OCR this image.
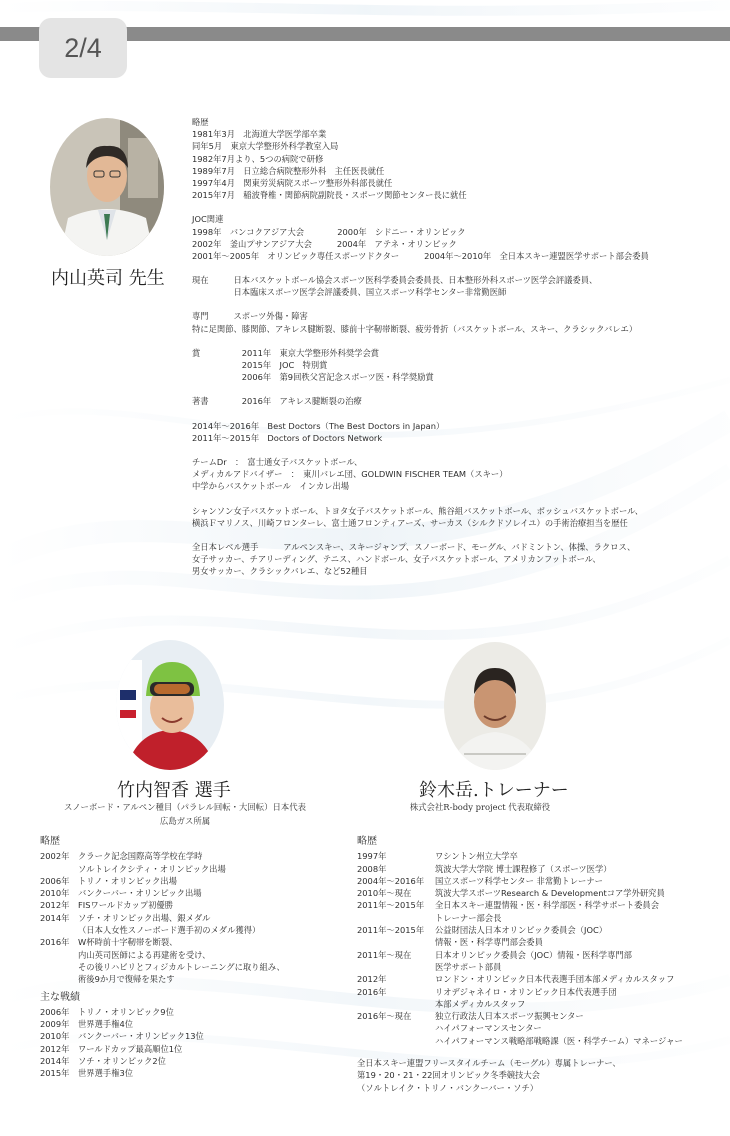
2/4
内山英司 先生
略歴
1981年3月　北海道大学医学部卒業
同年5月　東京大学整形外科学教室入局
1982年7月より、5つの病院で研修
1989年7月　日立総合病院整形外科　主任医長就任
1997年4月　関東労災病院スポーツ整形外科部長就任
2015年7月　稲波脊椎・関節病院副院長・スポーツ関節センター長に就任
JOC関連
1998年　バンコクアジア大会　　　　2000年　シドニー・オリンピック
2002年　釜山プサンアジア大会　　　2004年　アテネ・オリンピック
2001年～2005年　オリンピック専任スポーツドクター　　　2004年～2010年　全日本スキー連盟医学サポート部会委員
現在　　　日本バスケットボール協会スポーツ医科学委員会委員長、日本整形外科スポーツ医学会評議委員、
　　　　　日本臨床スポーツ医学会評議委員、国立スポーツ科学センター非常勤医師
専門　　　スポーツ外傷・障害
特に足関節、膝関節、アキレス腱断裂、膝前十字靭帯断裂、疲労骨折（バスケットボール、スキー、クラシックバレエ）
賞　　　　　2011年　東京大学整形外科奨学会賞
　　　　　　2015年　JOC　特別賞
　　　　　　2006年　第9回秩父宮記念スポーツ医・科学奨励賞
著書　　　　2016年　アキレス腱断裂の治療
2014年～2016年　Best Doctors（The Best Doctors in Japan）
2011年～2015年　Doctors of Doctors Network
チームDr　：　富士通女子バスケットボール、
メディカルアドバイザー　：　東川バレエ団、GOLDWIN FISCHER TEAM（スキー）
中学からバスケットボール　インカレ出場
シャンソン女子バスケットボール、トヨタ女子バスケットボール、熊谷組バスケットボール、ボッシュバスケットボール、
横浜Ｆマリノス、川崎フロンターレ、富士通フロンティアーズ、サーカス（シルクドソレイユ）の手術治療担当を歴任
全日本レベル選手　　　アルペンスキー、スキージャンプ、スノーボード、モーグル、バドミントン、体操、ラクロス、
女子サッカー、チアリーディング、テニス、ハンドボール、女子バスケットボール、アメリカンフットボール、
男女サッカー、クラシックバレエ、など52種目
竹内智香 選手
スノーボード・アルペン種目（パラレル回転・大回転）日本代表
広島ガス所属
鈴木岳.トレーナー
株式会社R-body project 代表取締役
略歴
2002年	クラーク記念国際高等学校在学時
ソルトレイクシティ・オリンピック出場
2006年	トリノ・オリンピック出場
2010年	バンクーバー・オリンピック出場
2012年	FISワールドカップ初優勝
2014年	ソチ・オリンピック出場、銀メダル
（日本人女性スノーボード選手初のメダル獲得）
2016年	W杯時前十字靭帯を断裂、
内山英司医師による再建術を受け、
その後リハビリとフィジカルトレーニングに取り組み、
術後9か月で復帰を果たす
主な戦績
2006年	トリノ・オリンピック9位
2009年	世界選手権4位
2010年	バンクーバー・オリンピック13位
2012年	ワールドカップ最高順位1位
2014年	ソチ・オリンピック2位
2015年	世界選手権3位
略歴
1997年	ワシントン州立大学卒
2008年	筑波大学大学院 博士課程修了（スポーツ医学）
2004年～2016年	国立スポーツ科学センター 非常勤トレーナー
2010年～現在	筑波大学スポーツResearch & Developmentコア学外研究員
2011年～2015年	全日本スキー連盟情報・医・科学部医・科学サポート委員会
トレーナー部会長
2011年～2015年	公益財団法人日本オリンピック委員会（JOC）
情報・医・科学専門部会委員
2011年～現在	日本オリンピック委員会（JOC）情報・医科学専門部
医学サポート部員
2012年	ロンドン・オリンピック日本代表選手団本部メディカルスタッフ
2016年	リオデジャネイロ・オリンピック日本代表選手団
本部メディカルスタッフ
2016年～現在	独立行政法人日本スポーツ振興センター
ハイパフォーマンスセンター
ハイパフォーマンス戦略部戦略課（医・科学チーム）マネージャー
全日本スキー連盟フリースタイルチーム（モーグル）専属トレーナー、
第19・20・21・22回オリンピック冬季競技大会
（ソルトレイク・トリノ・バンクーバー・ソチ）
